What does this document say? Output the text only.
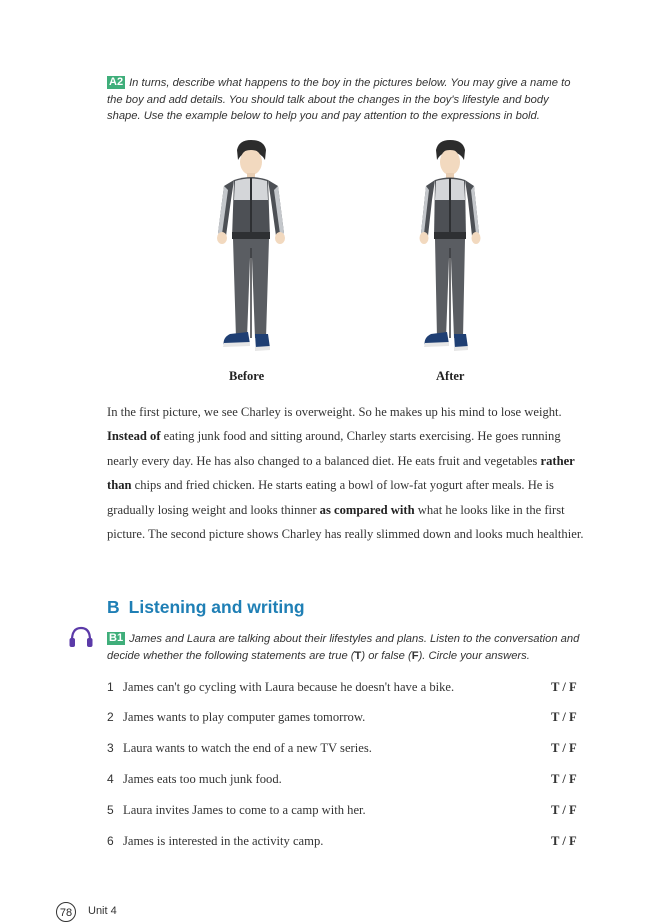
A2 In turns, describe what happens to the boy in the pictures below. You may give a name to the boy and add details. You should talk about the changes in the boy's lifestyle and body shape. Use the example below to help you and pay attention to the expressions in bold.
Before	After
In the first picture, we see Charley is overweight. So he makes up his mind to lose weight. Instead of eating junk food and sitting around, Charley starts exercising. He goes running nearly every day. He has also changed to a balanced diet. He eats fruit and vegetables rather than chips and fried chicken. He starts eating a bowl of low-fat yogurt after meals. He is gradually losing weight and looks thinner as compared with what he looks like in the first picture. The second picture shows Charley has really slimmed down and looks much healthier.
B Listening and writing
B1 James and Laura are talking about their lifestyles and plans. Listen to the conversation and decide whether the following statements are true (T) or false (F). Circle your answers.
1 James can't go cycling with Laura because he doesn't have a bike.	T / F
2 James wants to play computer games tomorrow.	T / F
3 Laura wants to watch the end of a new TV series.	T / F
4 James eats too much junk food.	T / F
5 Laura invites James to come to a camp with her.	T / F
6 James is interested in the activity camp.	T / F
78	Unit 4
